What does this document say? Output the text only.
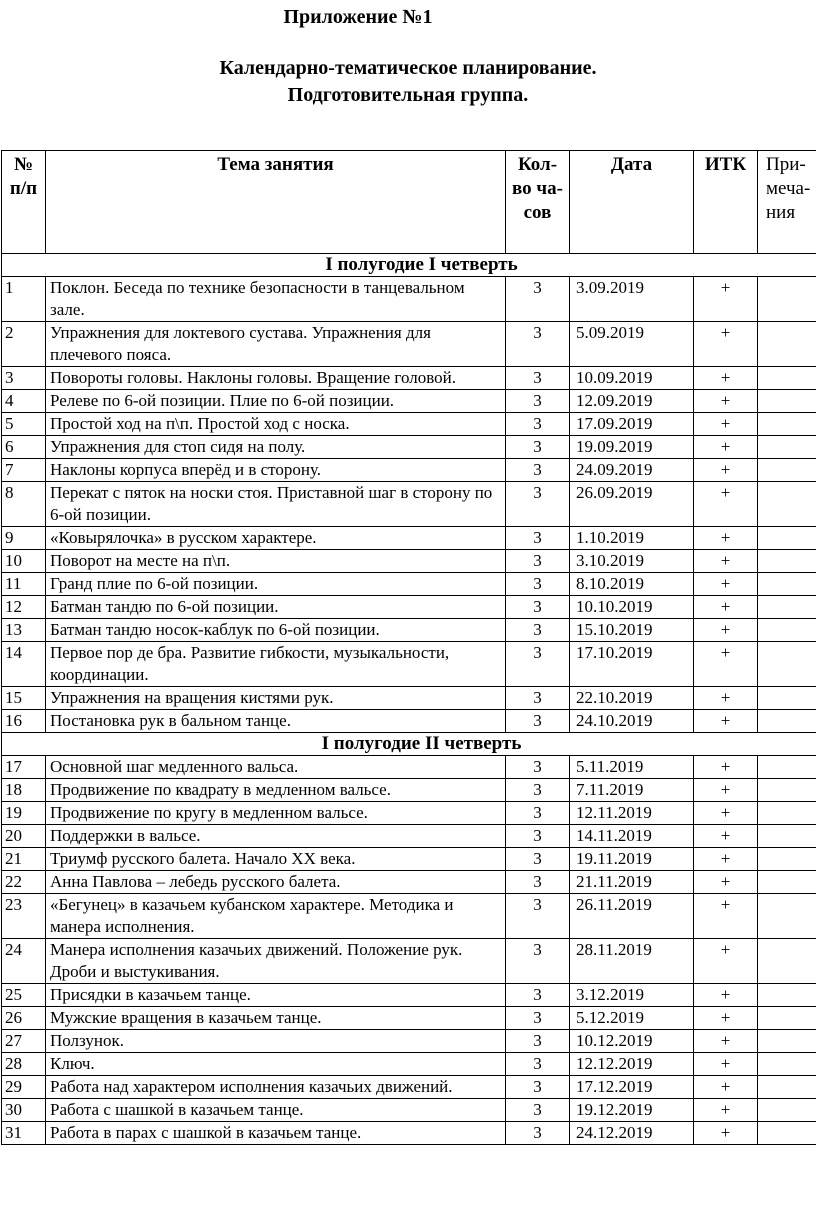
Приложение №1
Календарно-тематическое планирование.
Подготовительная группа.
№ п/п	Тема занятия	Кол-во ча-сов	Дата	ИТК	При-меча-ния
I полугодие I четверть					
1	Поклон. Беседа по технике безопасности в танцевальном зале.	3	3.09.2019	+	
2	Упражнения для локтевого сустава. Упражнения для плечевого пояса.	3	5.09.2019	+	
3	Повороты головы. Наклоны головы. Вращение головой.	3	10.09.2019	+	
4	Релеве по 6-ой позиции. Плие по 6-ой позиции.	3	12.09.2019	+	
5	Простой ход на п\п. Простой ход с носка.	3	17.09.2019	+	
6	Упражнения для стоп сидя на полу.	3	19.09.2019	+	
7	Наклоны корпуса вперёд и в сторону.	3	24.09.2019	+	
8	Перекат с пяток на носки стоя. Приставной шаг в сторону по 6-ой позиции.	3	26.09.2019	+	
9	«Ковырялочка» в русском характере.	3	1.10.2019	+	
10	Поворот на месте на п\п.	3	3.10.2019	+	
11	Гранд плие по 6-ой позиции.	3	8.10.2019	+	
12	Батман тандю по 6-ой позиции.	3	10.10.2019	+	
13	Батман тандю носок-каблук по 6-ой позиции.	3	15.10.2019	+	
14	Первое пор де бра. Развитие гибкости, музыкальности, координации.	3	17.10.2019	+	
15	Упражнения на вращения кистями рук.	3	22.10.2019	+	
16	Постановка рук в бальном танце.	3	24.10.2019	+	
I полугодие II четверть					
17	Основной шаг медленного вальса.	3	5.11.2019	+	
18	Продвижение по квадрату в медленном вальсе.	3	7.11.2019	+	
19	Продвижение по кругу в медленном вальсе.	3	12.11.2019	+	
20	Поддержки в вальсе.	3	14.11.2019	+	
21	Триумф русского балета. Начало XX века.	3	19.11.2019	+	
22	Анна Павлова – лебедь русского балета.	3	21.11.2019	+	
23	«Бегунец» в казачьем кубанском характере. Методика и манера исполнения.	3	26.11.2019	+	
24	Манера исполнения казачьих движений. Положение рук. Дроби и выстукивания.	3	28.11.2019	+	
25	Присядки в казачьем танце.	3	3.12.2019	+	
26	Мужские вращения в казачьем танце.	3	5.12.2019	+	
27	Ползунок.	3	10.12.2019	+	
28	Ключ.	3	12.12.2019	+	
29	Работа над характером исполнения казачьих движений.	3	17.12.2019	+	
30	Работа с шашкой в казачьем танце.	3	19.12.2019	+	
31	Работа в парах с шашкой в казачьем танце.	3	24.12.2019	+	
